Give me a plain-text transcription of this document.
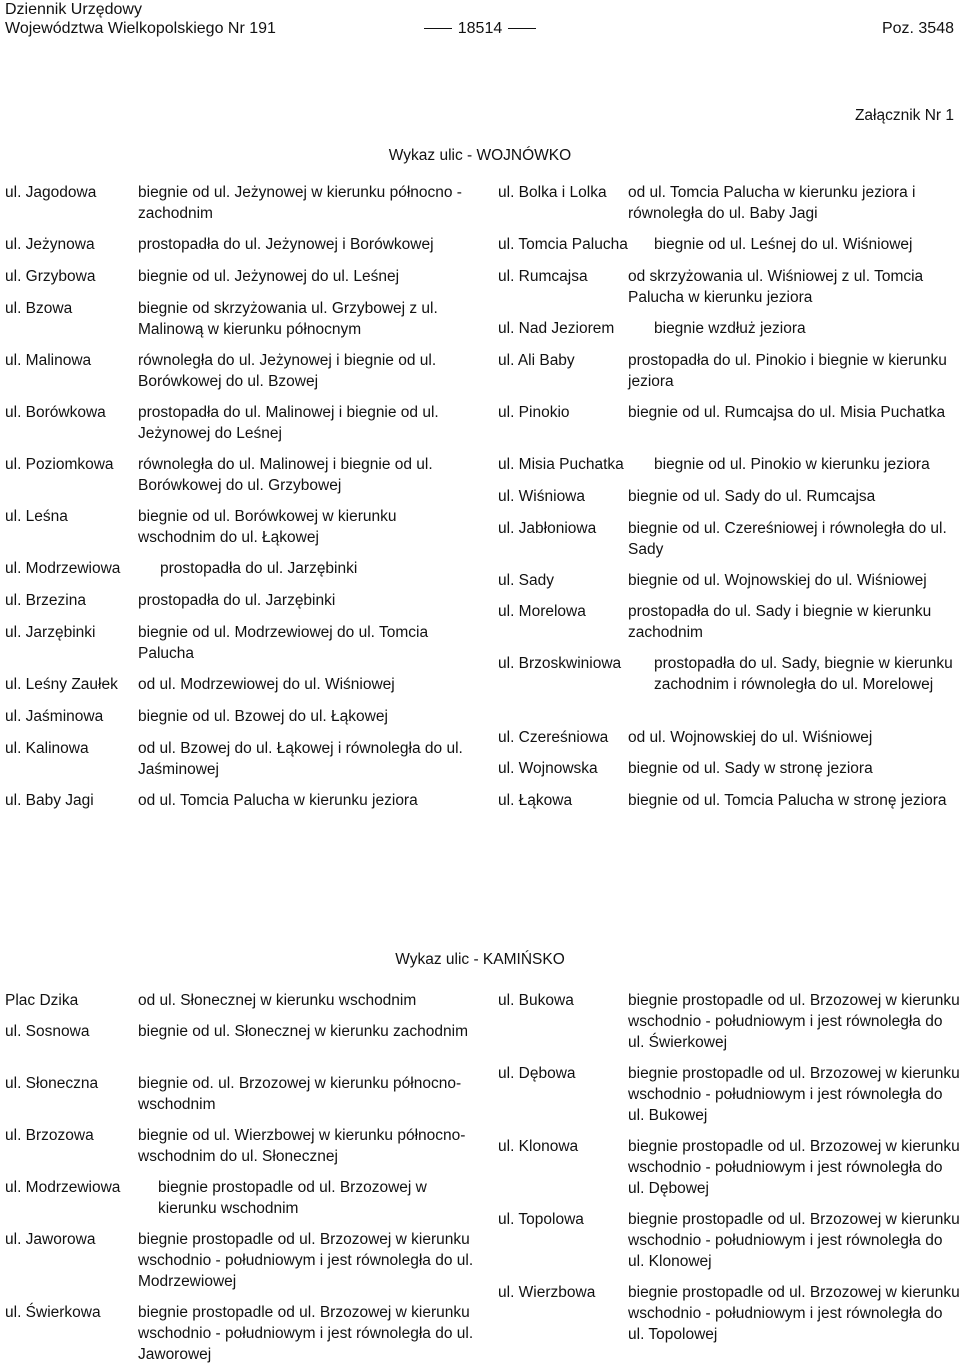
Dziennik Urzędowy
Województwa Wielkopolskiego Nr 191	18514	Poz. 3548
Załącznik Nr 1
Wykaz ulic - WOJNÓWKO
ul. Jagodowa	biegnie od ul. Jeżynowej w kierunku północno - zachodnim
ul. Jeżynowa	prostopadła do ul. Jeżynowej i Borówkowej
ul. Grzybowa	biegnie od ul. Jeżynowej do ul. Leśnej
ul. Bzowa	biegnie od skrzyżowania ul. Grzybowej z ul. Malinową w kierunku północnym
ul. Malinowa	równoległa do ul. Jeżynowej i biegnie od ul. Borówkowej do ul. Bzowej
ul. Borówkowa prostopadła do ul. Malinowej i biegnie od ul. Jeżynowej do Leśnej
ul. Poziomkowa równoległa do ul. Malinowej i biegnie od ul. Borówkowej do ul. Grzybowej
ul. Leśna	biegnie od ul. Borówkowej w kierunku wschodnim do ul. Łąkowej
ul. Modrzewiowa	prostopadła do ul. Jarzębinki
ul. Brzezina	prostopadła do ul. Jarzębinki
ul. Jarzębinki	biegnie od ul. Modrzewiowej do ul. Tomcia Palucha
ul. Leśny Zaułek od ul. Modrzewiowej do ul. Wiśniowej
ul. Jaśminowa biegnie od ul. Bzowej do ul. Łąkowej
ul. Kalinowa	od ul. Bzowej do ul. Łąkowej i równoległa do ul. Jaśminowej
ul. Baby Jagi	od ul. Tomcia Palucha w kierunku jeziora
ul. Bolka i Lolka od ul. Tomcia Palucha w kierunku jeziora i równoległa do ul. Baby Jagi
ul. Tomcia Palucha biegnie od ul. Leśnej do ul. Wiśniowej
ul. Rumcajsa	od skrzyżowania ul. Wiśniowej z ul. Tomcia Palucha w kierunku jeziora
ul. Nad Jeziorem	biegnie wzdłuż jeziora
ul. Ali Baby	prostopadła do ul. Pinokio i biegnie w kierunku jeziora
ul. Pinokio	biegnie od ul. Rumcajsa do ul. Misia Puchatka
ul. Misia Puchatka biegnie od ul. Pinokio w kierunku jeziora
ul. Wiśniowa	biegnie od ul. Sady do ul. Rumcajsa
ul. Jabłoniowa biegnie od ul. Czereśniowej i równoległa do ul. Sady
ul. Sady	biegnie od ul. Wojnowskiej do ul. Wiśniowej
ul. Morelowa	prostopadła do ul. Sady i biegnie w kierunku zachodnim
ul. Brzoskwiniowa prostopadła do ul. Sady, biegnie w kierunku zachodnim i równoległa do ul. Morelowej
ul. Czereśniowa od ul. Wojnowskiej do ul. Wiśniowej
ul. Wojnowska biegnie od ul. Sady w stronę jeziora
ul. Łąkowa	biegnie od ul. Tomcia Palucha w stronę jeziora
Wykaz ulic - KAMIŃSKO
Plac Dzika	od ul. Słonecznej w kierunku wschodnim
ul. Sosnowa	biegnie od ul. Słonecznej w kierunku zachodnim
ul. Słoneczna	biegnie od. ul. Brzozowej w kierunku północno-wschodnim
ul. Brzozowa	biegnie od ul. Wierzbowej w kierunku północno-wschodnim do ul. Słonecznej
ul. Modrzewiowa biegnie prostopadle od ul. Brzozowej w kierunku wschodnim
ul. Jaworowa	biegnie prostopadle od ul. Brzozowej w kierunku wschodnio - południowym i jest równoległa do ul. Modrzewiowej
ul. Świerkowa biegnie prostopadle od ul. Brzozowej w kierunku wschodnio - południowym i jest równoległa do ul. Jaworowej
ul. Bukowa	biegnie prostopadle od ul. Brzozowej w kierunku wschodnio - południowym i jest równoległa do ul. Świerkowej
ul. Dębowa	biegnie prostopadle od ul. Brzozowej w kierunku wschodnio - południowym i jest równoległa do ul. Bukowej
ul. Klonowa	biegnie prostopadle od ul. Brzozowej w kierunku wschodnio - południowym i jest równoległa do ul. Dębowej
ul. Topolowa	biegnie prostopadle od ul. Brzozowej w kierunku wschodnio - południowym i jest równoległa do ul. Klonowej
ul. Wierzbowa biegnie prostopadle od ul. Brzozowej w kierunku wschodnio - południowym i jest równoległa do ul. Topolowej
